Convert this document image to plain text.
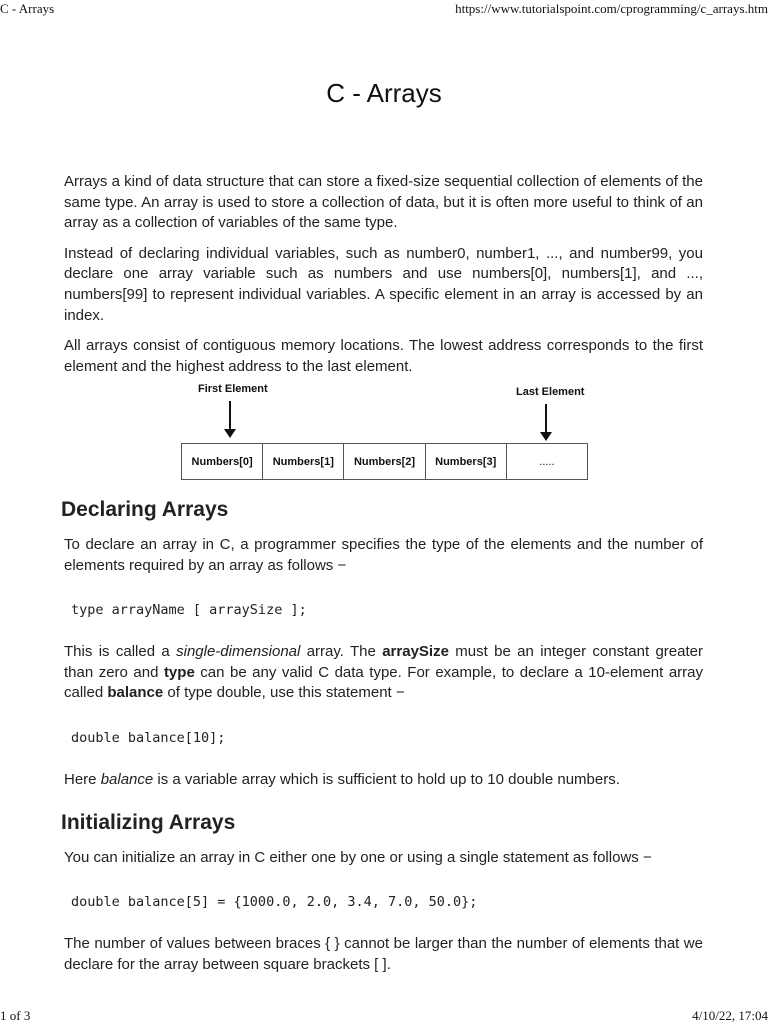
C - Arrays	https://www.tutorialspoint.com/cprogramming/c_arrays.htm
C - Arrays

Arrays a kind of data structure that can store a fixed-size sequential collection of elements of the same type. An array is used to store a collection of data, but it is often more useful to think of an array as a collection of variables of the same type.

Instead of declaring individual variables, such as number0, number1, ..., and number99, you declare one array variable such as numbers and use numbers[0], numbers[1], and ..., numbers[99] to represent individual variables. A specific element in an array is accessed by an index.

All arrays consist of contiguous memory locations. The lowest address corresponds to the first element and the highest address to the last element.

First Element	Last Element
Numbers[0]	Numbers[1]	Numbers[2]	Numbers[3]	.....
Declaring Arrays

To declare an array in C, a programmer specifies the type of the elements and the number of elements required by an array as follows −

type arrayName [ arraySize ];

This is called a single-dimensional array. The arraySize must be an integer constant greater than zero and type can be any valid C data type. For example, to declare a 10-element array called balance of type double, use this statement −

double balance[10];

Here balance is a variable array which is sufficient to hold up to 10 double numbers.

Initializing Arrays

You can initialize an array in C either one by one or using a single statement as follows −

double balance[5] = {1000.0, 2.0, 3.4, 7.0, 50.0};

The number of values between braces { } cannot be larger than the number of elements that we declare for the array between square brackets [ ].

1 of 3	4/10/22, 17:04
